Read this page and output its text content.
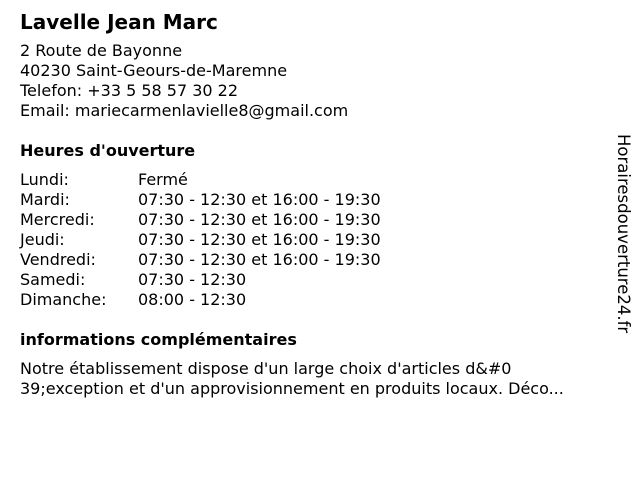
Lavelle Jean Marc
2 Route de Bayonne
40230 Saint-Geours-de-Maremne
Telefon: +33 5 58 57 30 22
Email: mariecarmenlavielle8@gmail.com
Heures d'ouverture
Lundi:	Fermé
Mardi:	07:30 - 12:30 et 16:00 - 19:30
Mercredi:	07:30 - 12:30 et 16:00 - 19:30
Jeudi:	07:30 - 12:30 et 16:00 - 19:30
Vendredi:	07:30 - 12:30 et 16:00 - 19:30
Samedi:	07:30 - 12:30
Dimanche:	08:00 - 12:30
informations complémentaires
Notre établissement dispose d'un large choix d'articles d&#0
39;exception et d'un approvisionnement en produits locaux. Déco...
Horairesdouverture24.fr
